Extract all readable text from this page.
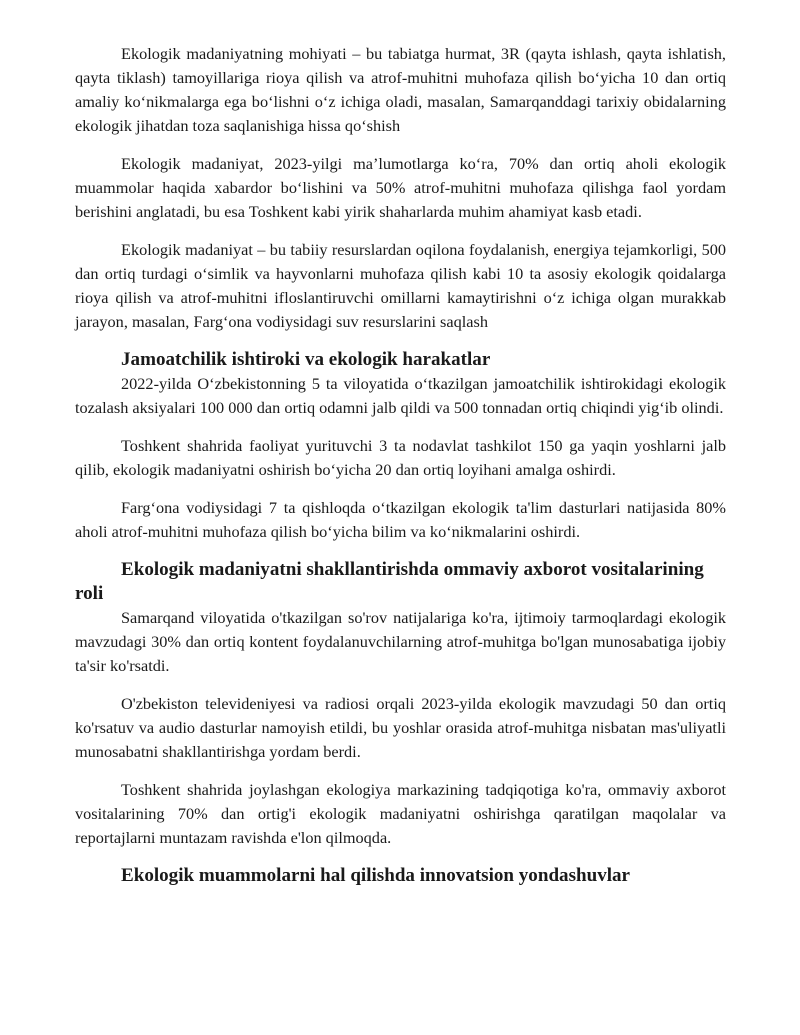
Ekologik madaniyatning mohiyati – bu tabiatga hurmat, 3R (qayta ishlash, qayta ishlatish, qayta tiklash) tamoyillariga rioya qilish va atrof-muhitni muhofaza qilish bo‘yicha 10 dan ortiq amaliy ko‘nikmalarga ega bo‘lishni o‘z ichiga oladi, masalan, Samarqanddagi tarixiy obidalarning ekologik jihatdan toza saqlanishiga hissa qo‘shish

Ekologik madaniyat, 2023-yilgi ma’lumotlarga ko‘ra, 70% dan ortiq aholi ekologik muammolar haqida xabardor bo‘lishini va 50% atrof-muhitni muhofaza qilishga faol yordam berishini anglatadi, bu esa Toshkent kabi yirik shaharlarda muhim ahamiyat kasb etadi.

Ekologik madaniyat – bu tabiiy resurslardan oqilona foydalanish, energiya tejamkorligi, 500 dan ortiq turdagi o‘simlik va hayvonlarni muhofaza qilish kabi 10 ta asosiy ekologik qoidalarga rioya qilish va atrof-muhitni ifloslantiruvchi omillarni kamaytirishni o‘z ichiga olgan murakkab jarayon, masalan, Farg‘ona vodiysidagi suv resurslarini saqlash

Jamoatchilik ishtiroki va ekologik harakatlar

2022-yilda O‘zbekistonning 5 ta viloyatida o‘tkazilgan jamoatchilik ishtirokidagi ekologik tozalash aksiyalari 100 000 dan ortiq odamni jalb qildi va 500 tonnadan ortiq chiqindi yig‘ib olindi.

Toshkent shahrida faoliyat yurituvchi 3 ta nodavlat tashkilot 150 ga yaqin yoshlarni jalb qilib, ekologik madaniyatni oshirish bo‘yicha 20 dan ortiq loyihani amalga oshirdi.

Farg‘ona vodiysidagi 7 ta qishloqda o‘tkazilgan ekologik ta'lim dasturlari natijasida 80% aholi atrof-muhitni muhofaza qilish bo‘yicha bilim va ko‘nikmalarini oshirdi.

Ekologik madaniyatni shakllantirishda ommaviy axborot vositalarining roli

Samarqand viloyatida o'tkazilgan so'rov natijalariga ko'ra, ijtimoiy tarmoqlardagi ekologik mavzudagi 30% dan ortiq kontent foydalanuvchilarning atrof-muhitga bo'lgan munosabatiga ijobiy ta'sir ko'rsatdi.

O'zbekiston televideniyesi va radiosi orqali 2023-yilda ekologik mavzudagi 50 dan ortiq ko'rsatuv va audio dasturlar namoyish etildi, bu yoshlar orasida atrof-muhitga nisbatan mas'uliyatli munosabatni shakllantirishga yordam berdi.

Toshkent shahrida joylashgan ekologiya markazining tadqiqotiga ko'ra, ommaviy axborot vositalarining 70% dan ortig'i ekologik madaniyatni oshirishga qaratilgan maqolalar va reportajlarni muntazam ravishda e'lon qilmoqda.

Ekologik muammolarni hal qilishda innovatsion yondashuvlar
